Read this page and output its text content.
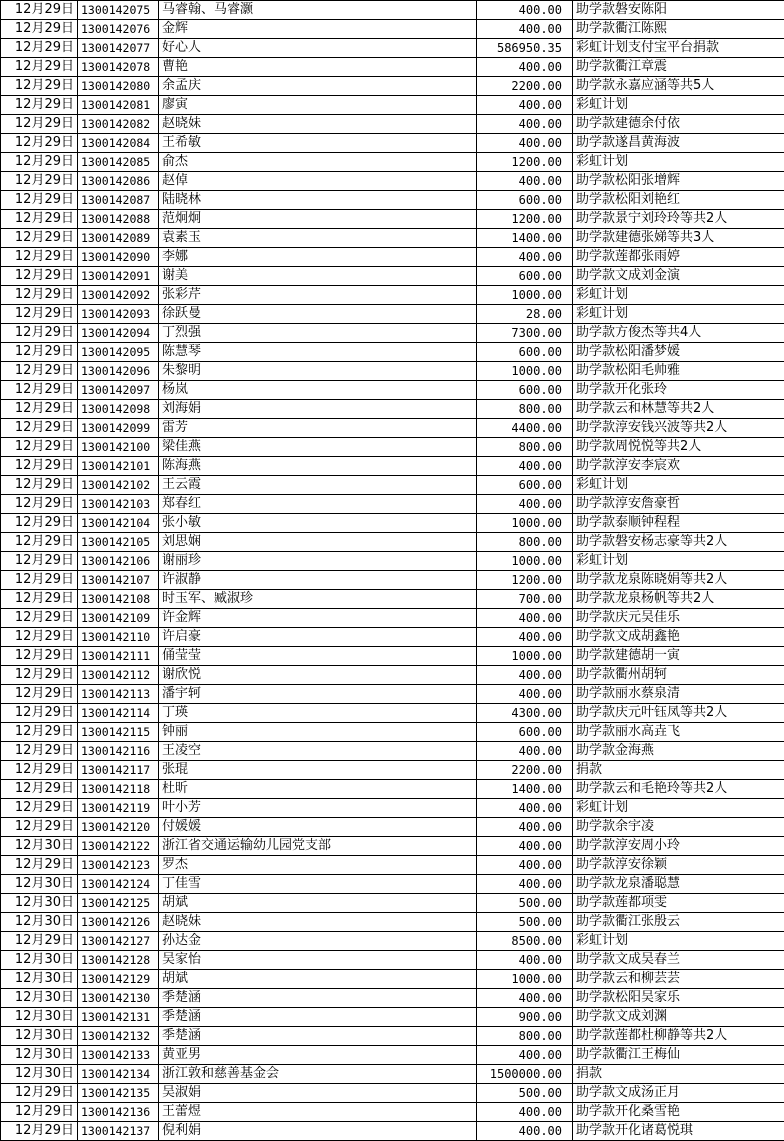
12月29日	1300142075	马睿翰、马睿灏	400.00	助学款磐安陈阳
12月29日	1300142076	金辉	400.00	助学款衢江陈熙
12月29日	1300142077	好心人	586950.35	彩虹计划支付宝平台捐款
12月29日	1300142078	曹艳	400.00	助学款衢江章震
12月29日	1300142080	余孟庆	2200.00	助学款永嘉应涵等共5人
12月29日	1300142081	廖寅	400.00	彩虹计划
12月29日	1300142082	赵晓妹	400.00	助学款建德余付依
12月29日	1300142084	王希敏	400.00	助学款遂昌黄海波
12月29日	1300142085	俞杰	1200.00	彩虹计划
12月29日	1300142086	赵倬	400.00	助学款松阳张增辉
12月29日	1300142087	陆晓林	600.00	助学款松阳刘艳红
12月29日	1300142088	范炯炯	1200.00	助学款景宁刘玲玲等共2人
12月29日	1300142089	袁素玉	1400.00	助学款建德张娣等共3人
12月29日	1300142090	李娜	400.00	助学款莲都张雨婷
12月29日	1300142091	谢美	600.00	助学款文成刘金演
12月29日	1300142092	张彩芹	1000.00	彩虹计划
12月29日	1300142093	徐跃曼	28.00	彩虹计划
12月29日	1300142094	丁烈强	7300.00	助学款方俊杰等共4人
12月29日	1300142095	陈慧琴	600.00	助学款松阳潘梦媛
12月29日	1300142096	朱黎明	1000.00	助学款松阳毛帅雅
12月29日	1300142097	杨岚	600.00	助学款开化张玲
12月29日	1300142098	刘海娟	800.00	助学款云和林慧等共2人
12月29日	1300142099	雷芳	4400.00	助学款淳安钱兴波等共2人
12月29日	1300142100	梁佳燕	800.00	助学款周悦悦等共2人
12月29日	1300142101	陈海燕	400.00	助学款淳安李宸欢
12月29日	1300142102	王云霞	600.00	彩虹计划
12月29日	1300142103	郑春红	400.00	助学款淳安詹豪哲
12月29日	1300142104	张小敏	1000.00	助学款泰顺钟程程
12月29日	1300142105	刘思娴	800.00	助学款磐安杨志豪等共2人
12月29日	1300142106	谢丽珍	1000.00	彩虹计划
12月29日	1300142107	许淑静	1200.00	助学款龙泉陈晓娟等共2人
12月29日	1300142108	时玉军、臧淑珍	700.00	助学款龙泉杨帆等共2人
12月29日	1300142109	许金辉	400.00	助学款庆元吴佳乐
12月29日	1300142110	许启豪	400.00	助学款文成胡鑫艳
12月29日	1300142111	俑莹莹	1000.00	助学款建德胡一寅
12月29日	1300142112	谢欣悦	400.00	助学款衢州胡轲
12月29日	1300142113	潘宇轲	400.00	助学款丽水蔡泉清
12月29日	1300142114	丁瑛	4300.00	助学款庆元叶钰凤等共2人
12月29日	1300142115	钟丽	600.00	助学款丽水高垚飞
12月29日	1300142116	王凌空	400.00	助学款金海燕
12月29日	1300142117	张琨	2200.00	捐款
12月29日	1300142118	杜昕	1400.00	助学款云和毛艳玲等共2人
12月29日	1300142119	叶小芳	400.00	彩虹计划
12月29日	1300142120	付媛媛	400.00	助学款余宇凌
12月30日	1300142122	浙江省交通运输幼儿园党支部	400.00	助学款淳安周小玲
12月29日	1300142123	罗杰	400.00	助学款淳安徐颖
12月30日	1300142124	丁佳雪	400.00	助学款龙泉潘聪慧
12月30日	1300142125	胡斌	500.00	助学款莲都项雯
12月30日	1300142126	赵晓妹	500.00	助学款衢江张殷云
12月29日	1300142127	孙达金	8500.00	彩虹计划
12月30日	1300142128	吴家怡	400.00	助学款文成吴春兰
12月30日	1300142129	胡斌	1000.00	助学款云和柳芸芸
12月30日	1300142130	季楚涵	400.00	助学款松阳吴家乐
12月30日	1300142131	季楚涵	900.00	助学款文成刘渊
12月30日	1300142132	季楚涵	800.00	助学款莲都杜柳静等共2人
12月30日	1300142133	黄亚男	400.00	助学款衢江王梅仙
12月30日	1300142134	浙江敦和慈善基金会	1500000.00	捐款
12月29日	1300142135	吴淑娟	500.00	助学款文成汤正月
12月29日	1300142136	王蕾煜	400.00	助学款开化桑雪艳
12月29日	1300142137	倪利娟	400.00	助学款开化诸葛悦琪
